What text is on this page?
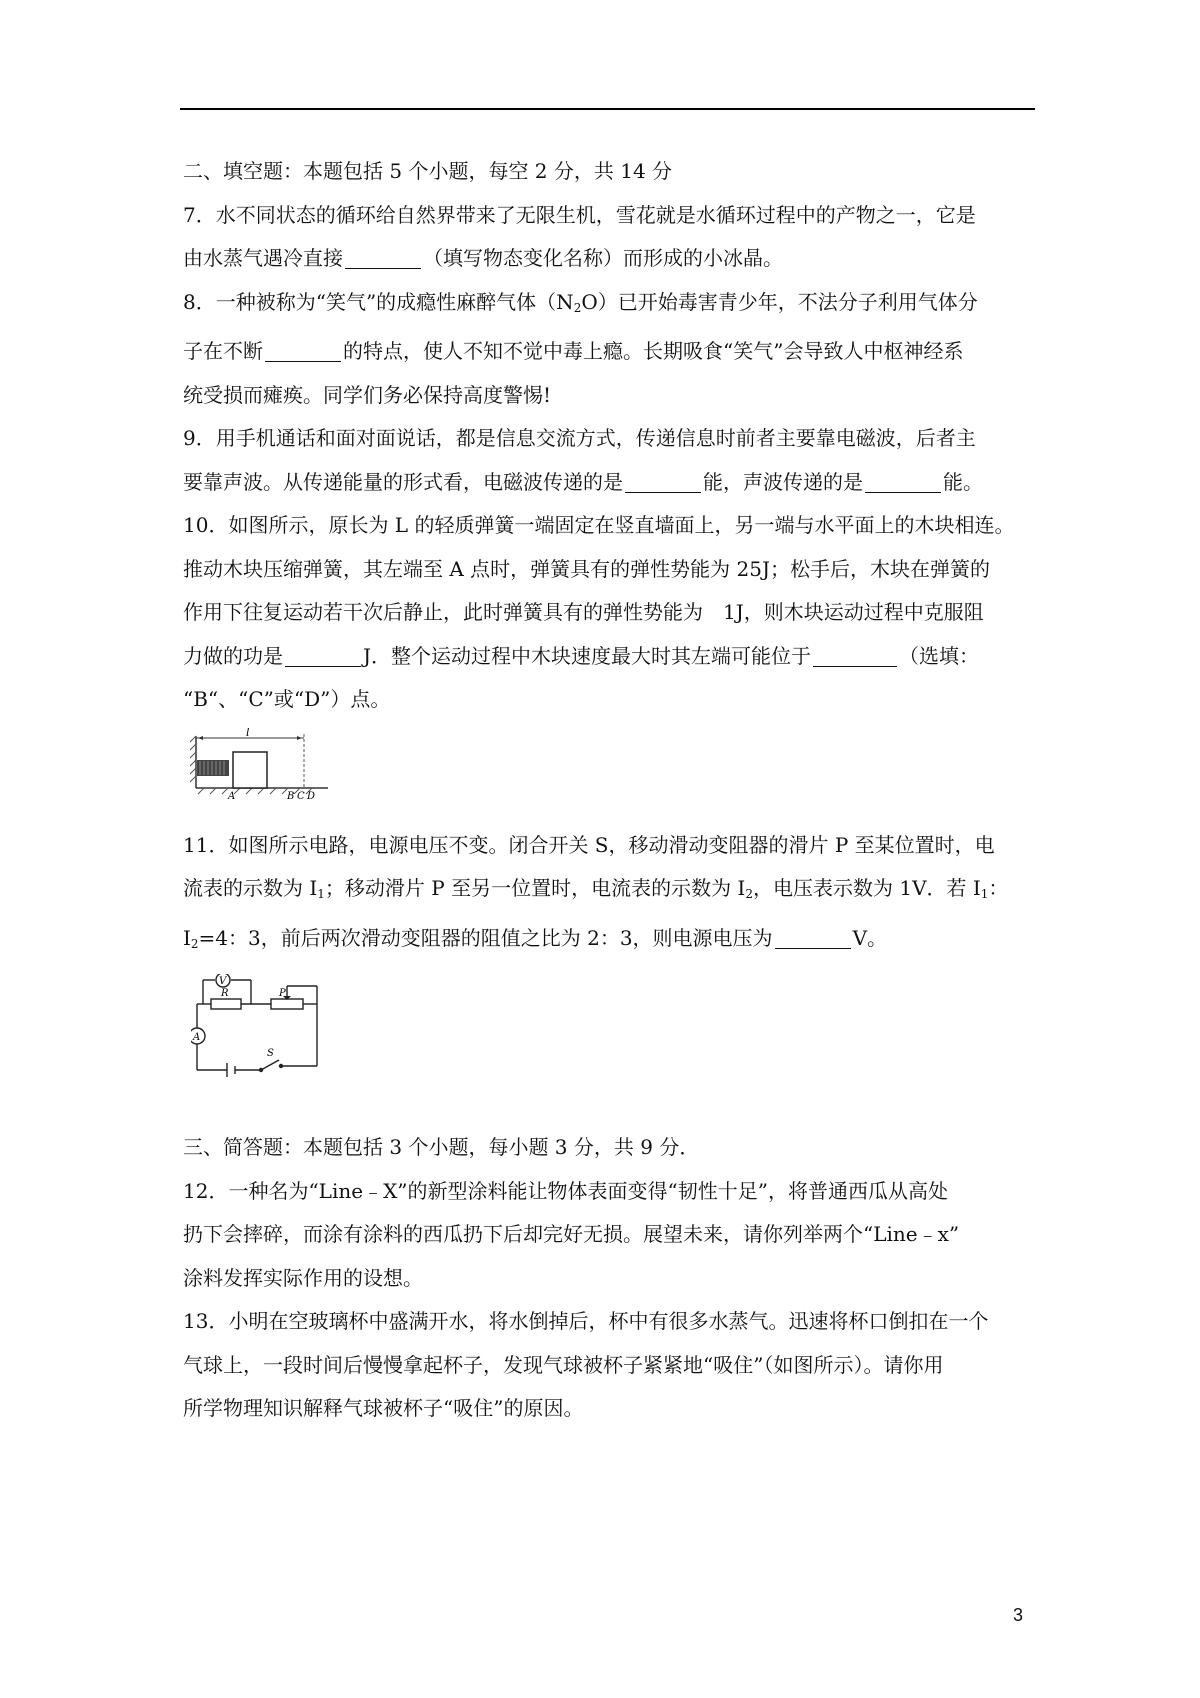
二、填空题：本题包括 5 个小题，每空 2 分，共 14 分

7．水不同状态的循环给自然界带来了无限生机，雪花就是水循环过程中的产物之一，它是
由水蒸气遇冷直接	（填写物态变化名称）而形成的小冰晶。
8．一种被称为“笑气”的成瘾性麻醉气体$(N_2O)$已开始毒害青少年，不法分子利用气体分
子在不断	的特点，使人不知不觉中毒上瘾。长期吸食“笑气”会导致人中枢神经系
统受损而瘫痪。同学们务必保持高度警惕!
9．用手机通话和面对面说话，都是信息交流方式，传递信息时前者主要靠电磁波，后者主
要靠声波。从传递能量的形式看，电磁波传递的是	能，声波传递的是	能。
10．如图所示，原长为 L 的轻质弹簧一端固定在竖直墙面上，另一端与水平面上的木块相连。
推动木块压缩弹簧，其左端至 A 点时，弹簧具有的弹性势能为 25J；松手后，木块在弹簧的
作用下往复运动若干次后静止，此时弹簧具有的弹性势能为　1J，则木块运动过程中克服阻
力做的功是	J．整个运动过程中木块速度最大时其左端可能位于	（选填：
“B“、“C”或“D”）点。
l
A	B C D
11．如图所示电路，电源电压不变。闭合开关 S，移动滑动变阻器的滑片 P 至某位置时，电
流表的示数为 $I_1$；移动滑片 P 至另一位置时，电流表的示数为 $I_2$，电压表示数为 1V．若 $I_1$：
$I_2=4$：3，前后两次滑动变阻器的阻值之比为 2：3，则电源电压为	V。
V
R	P
A
S

三、简答题：本题包括 3 个小题，每小题 3 分，共 9 分．

12．一种名为“Line﹣X”的新型涂料能让物体表面变得“韧性十足”，将普通西瓜从高处
扔下会摔碎，而涂有涂料的西瓜扔下后却完好无损。展望未来，请你列举两个“Line﹣x”
涂料发挥实际作用的设想。
13．小明在空玻璃杯中盛满开水，将水倒掉后，杯中有很多水蒸气。迅速将杯口倒扣在一个
气球上，一段时间后慢慢拿起杯子，发现气球被杯子紧紧地“吸住”（如图所示）。请你用
所学物理知识解释气球被杯子“吸住”的原因。
3
